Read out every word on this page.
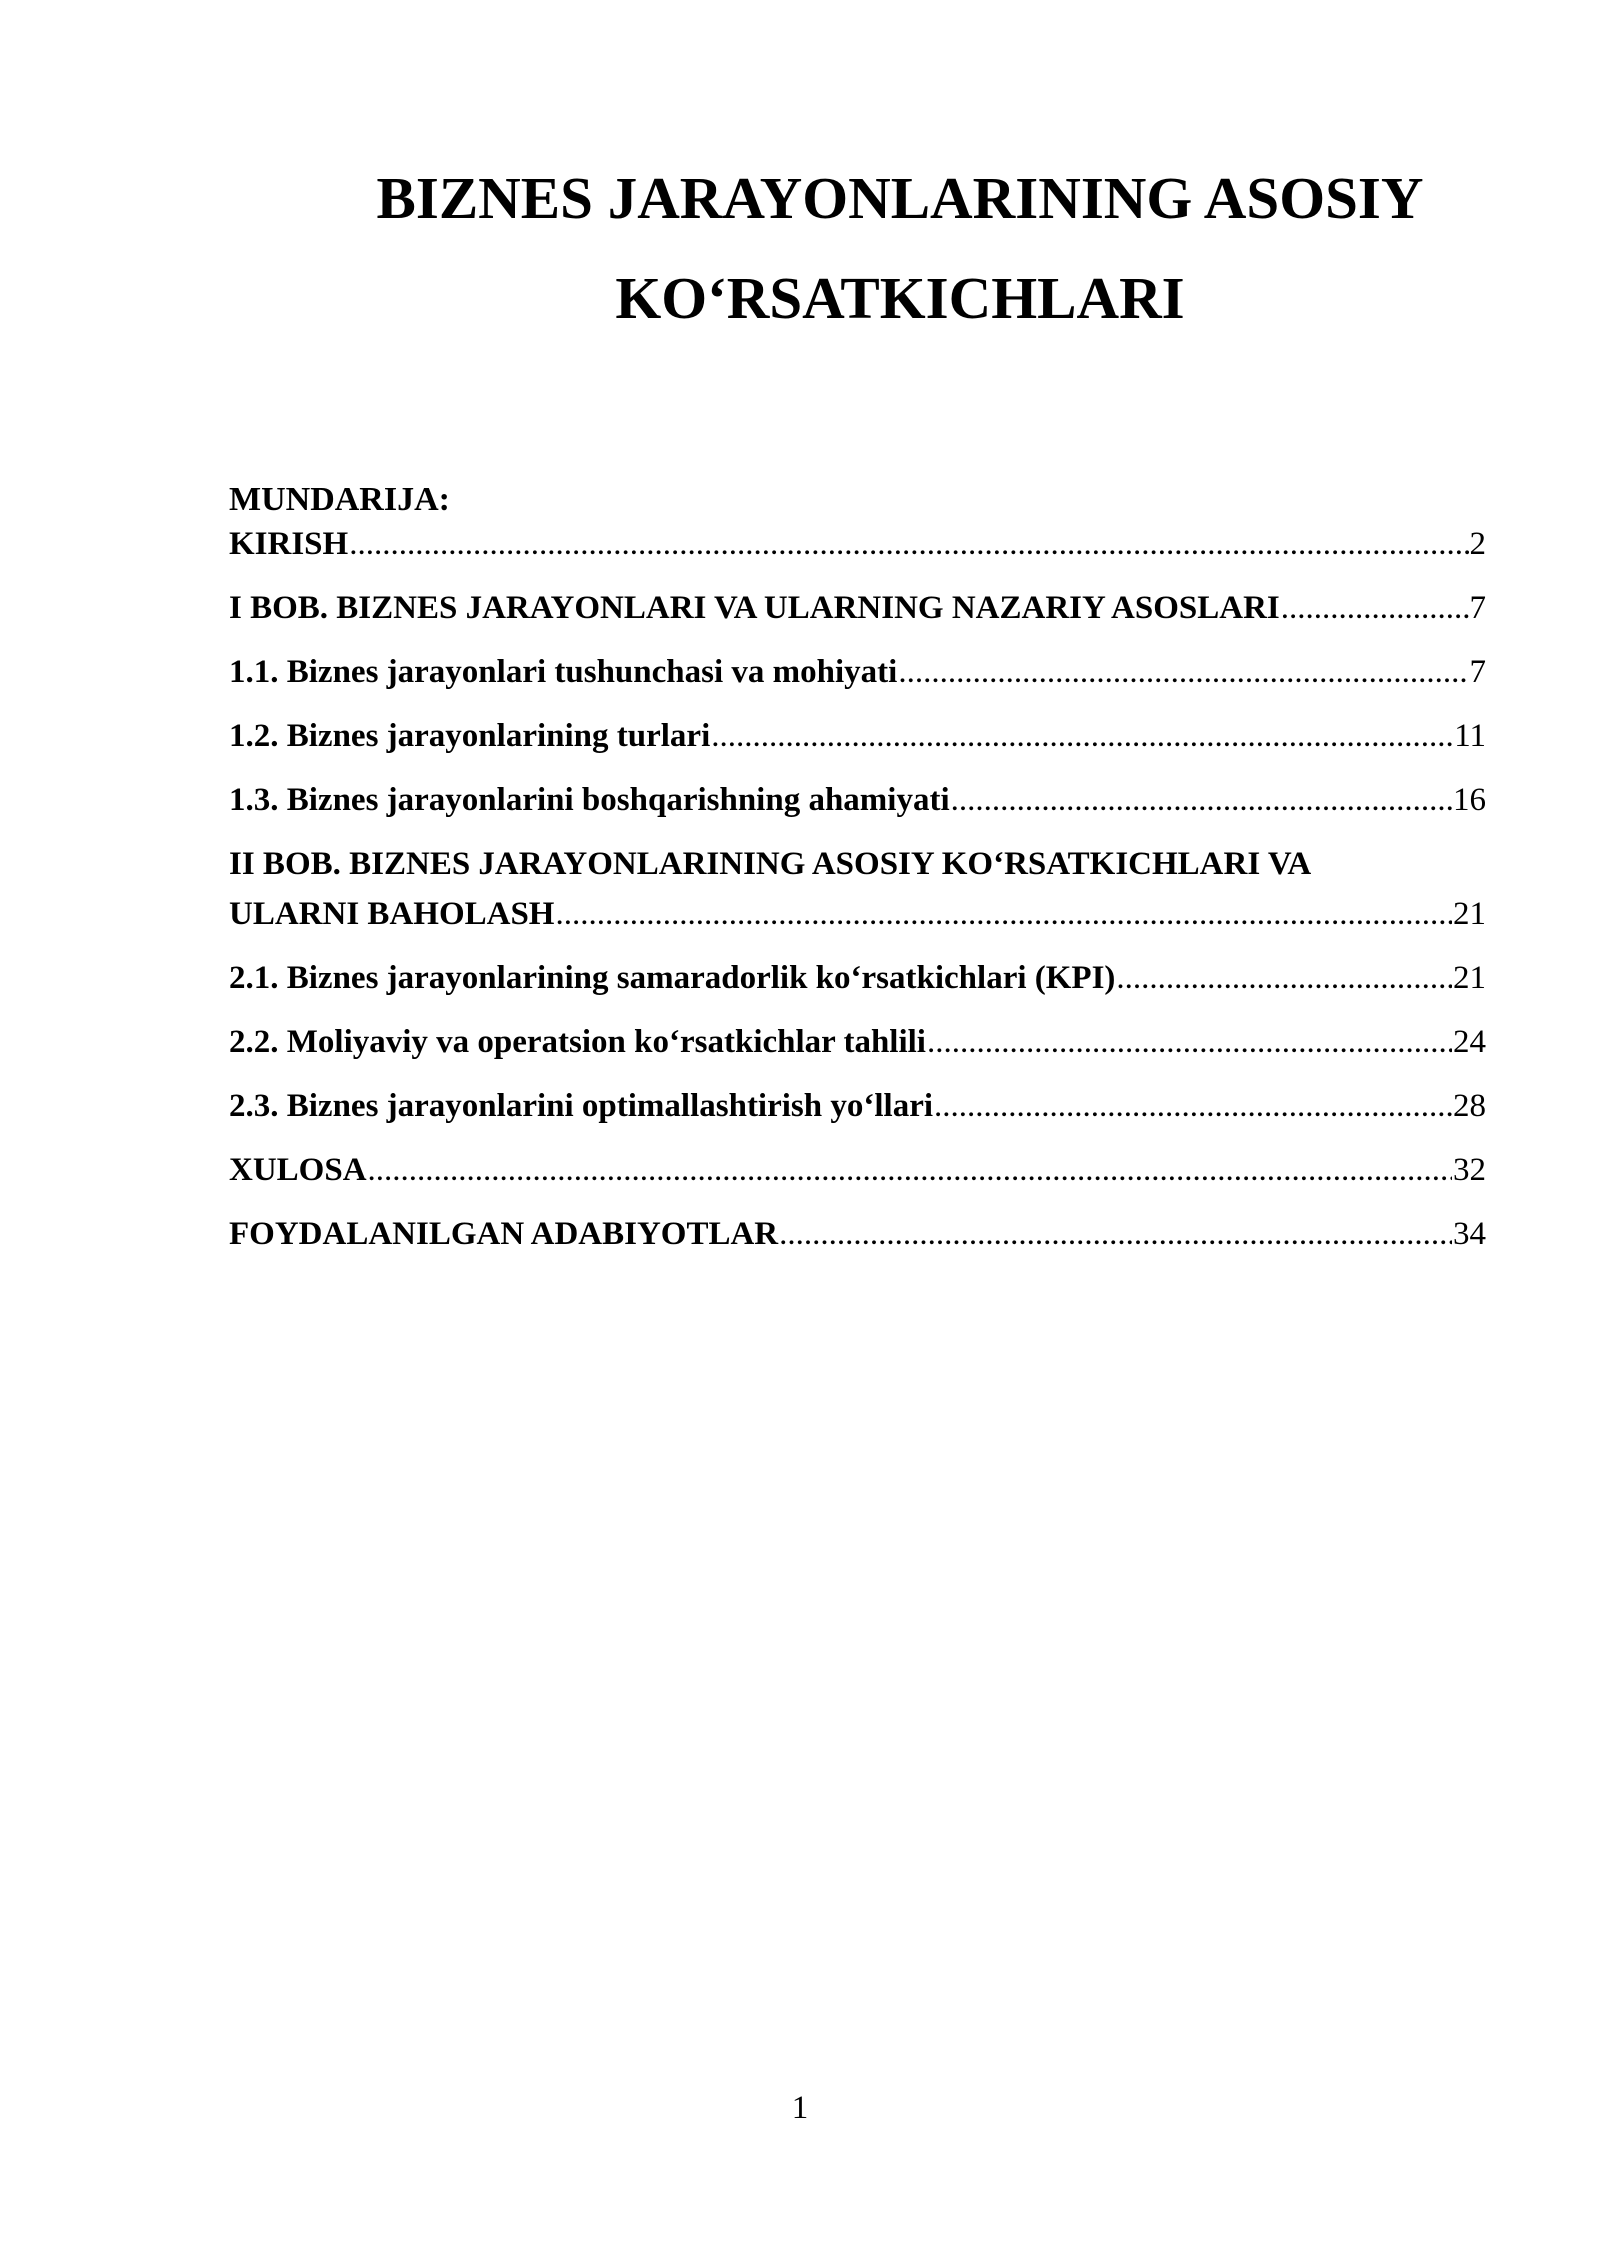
BIZNES JARAYONLARINING ASOSIY
KO‘RSATKICHLARI
MUNDARIJA:
KIRISH .....	2
I BOB. BIZNES JARAYONLARI VA ULARNING NAZARIY ASOSLARI .....	7
1.1. Biznes jarayonlari tushunchasi va mohiyati .....	7
1.2. Biznes jarayonlarining turlari .....	11
1.3. Biznes jarayonlarini boshqarishning ahamiyati .....	16
II BOB. BIZNES JARAYONLARINING ASOSIY KO‘RSATKICHLARI VA
ULARNI BAHOLASH .....	21
2.1. Biznes jarayonlarining samaradorlik ko‘rsatkichlari (KPI) .....	21
2.2. Moliyaviy va operatsion ko‘rsatkichlar tahlili .....	24
2.3. Biznes jarayonlarini optimallashtirish yo‘llari .....	28
XULOSA .....	32
FOYDALANILGAN ADABIYOTLAR .....	34
1
